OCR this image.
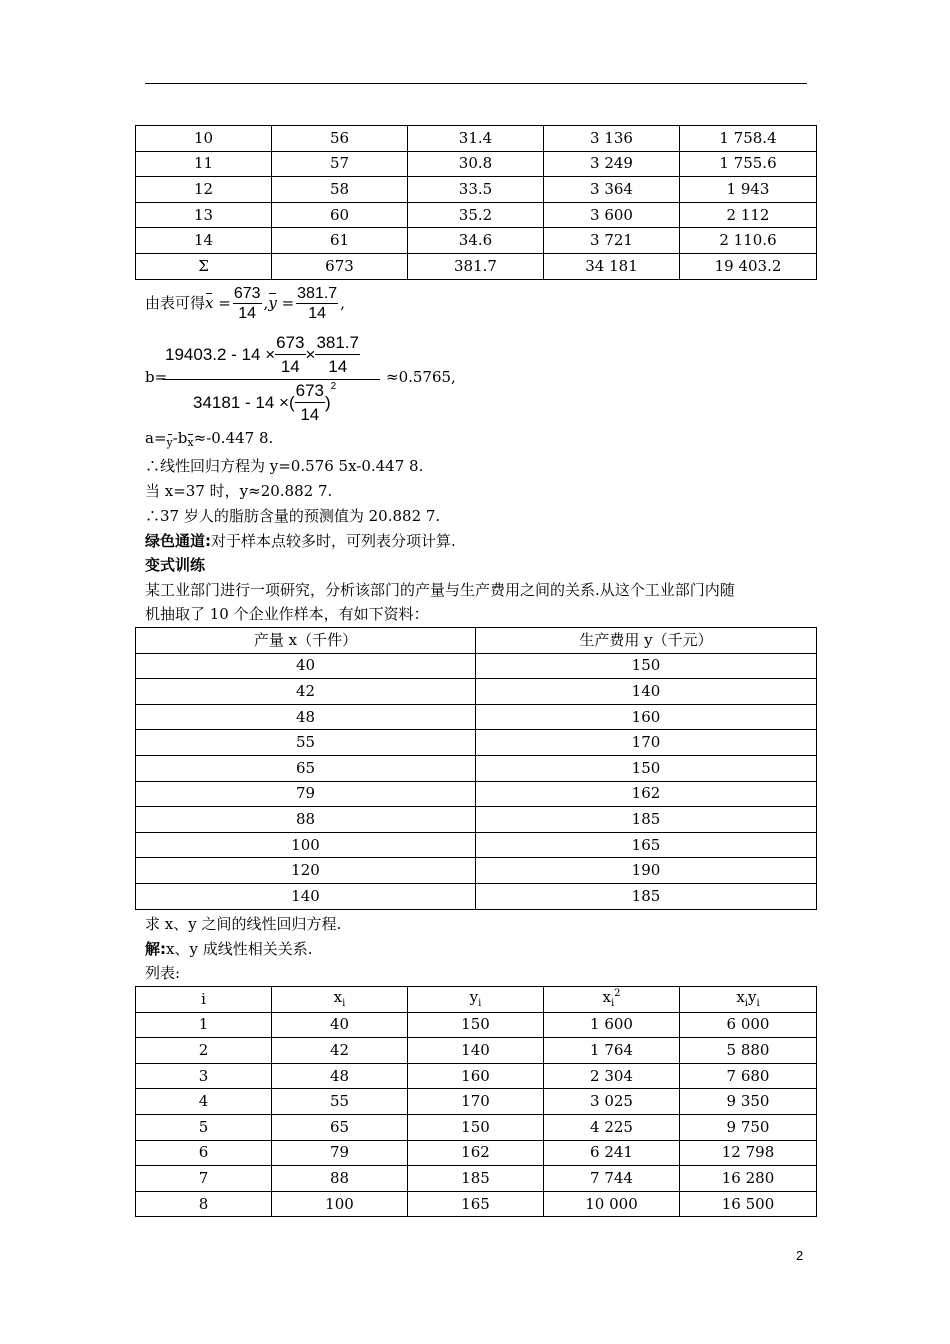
10	56	31.4	3 136	1 758.4
11	57	30.8	3 249	1 755.6
12	58	33.5	3 364	1 943
13	60	35.2	3 600	2 112
14	61	34.6	3 721	2 110.6
Σ	673	381.7	34 181	19 403.2
由表可得$x = \frac{673}{14} ,y = \frac{381.7}{14}$ ,
$19403.2 - 14 \times \frac{673}{14} \times \frac{381.7}{14}$
b=	≈0.5765,
34181 - 14 ×( $\frac{673}{14} )^2$
a=y-bx≈-0.447 8.
∴线性回归方程为 y=0.576 5x-0.447 8.
当 x=37 时，y≈20.882 7.
∴37 岁人的脂肪含量的预测值为 20.882 7.
绿色通道:对于样本点较多时，可列表分项计算.
变式训练
某工业部门进行一项研究，分析该部门的产量与生产费用之间的关系.从这个工业部门内随
机抽取了 10 个企业作样本，有如下资料：
产量 x（千件）	生产费用 y（千元）
40	150
42	140
48	160
55	170
65	150
79	162
88	185
100	165
120	190
140	185
求 x、y 之间的线性回归方程.
解:x、y 成线性相关关系.
列表:
i	$x_i$	$y_i$	$x_i^2$	$x_iy_i$
1	40	150	1 600	6 000
2	42	140	1 764	5 880
3	48	160	2 304	7 680
4	55	170	3 025	9 350
5	65	150	4 225	9 750
6	79	162	6 241	12 798
7	88	185	7 744	16 280
8	100	165	10 000	16 500
2
